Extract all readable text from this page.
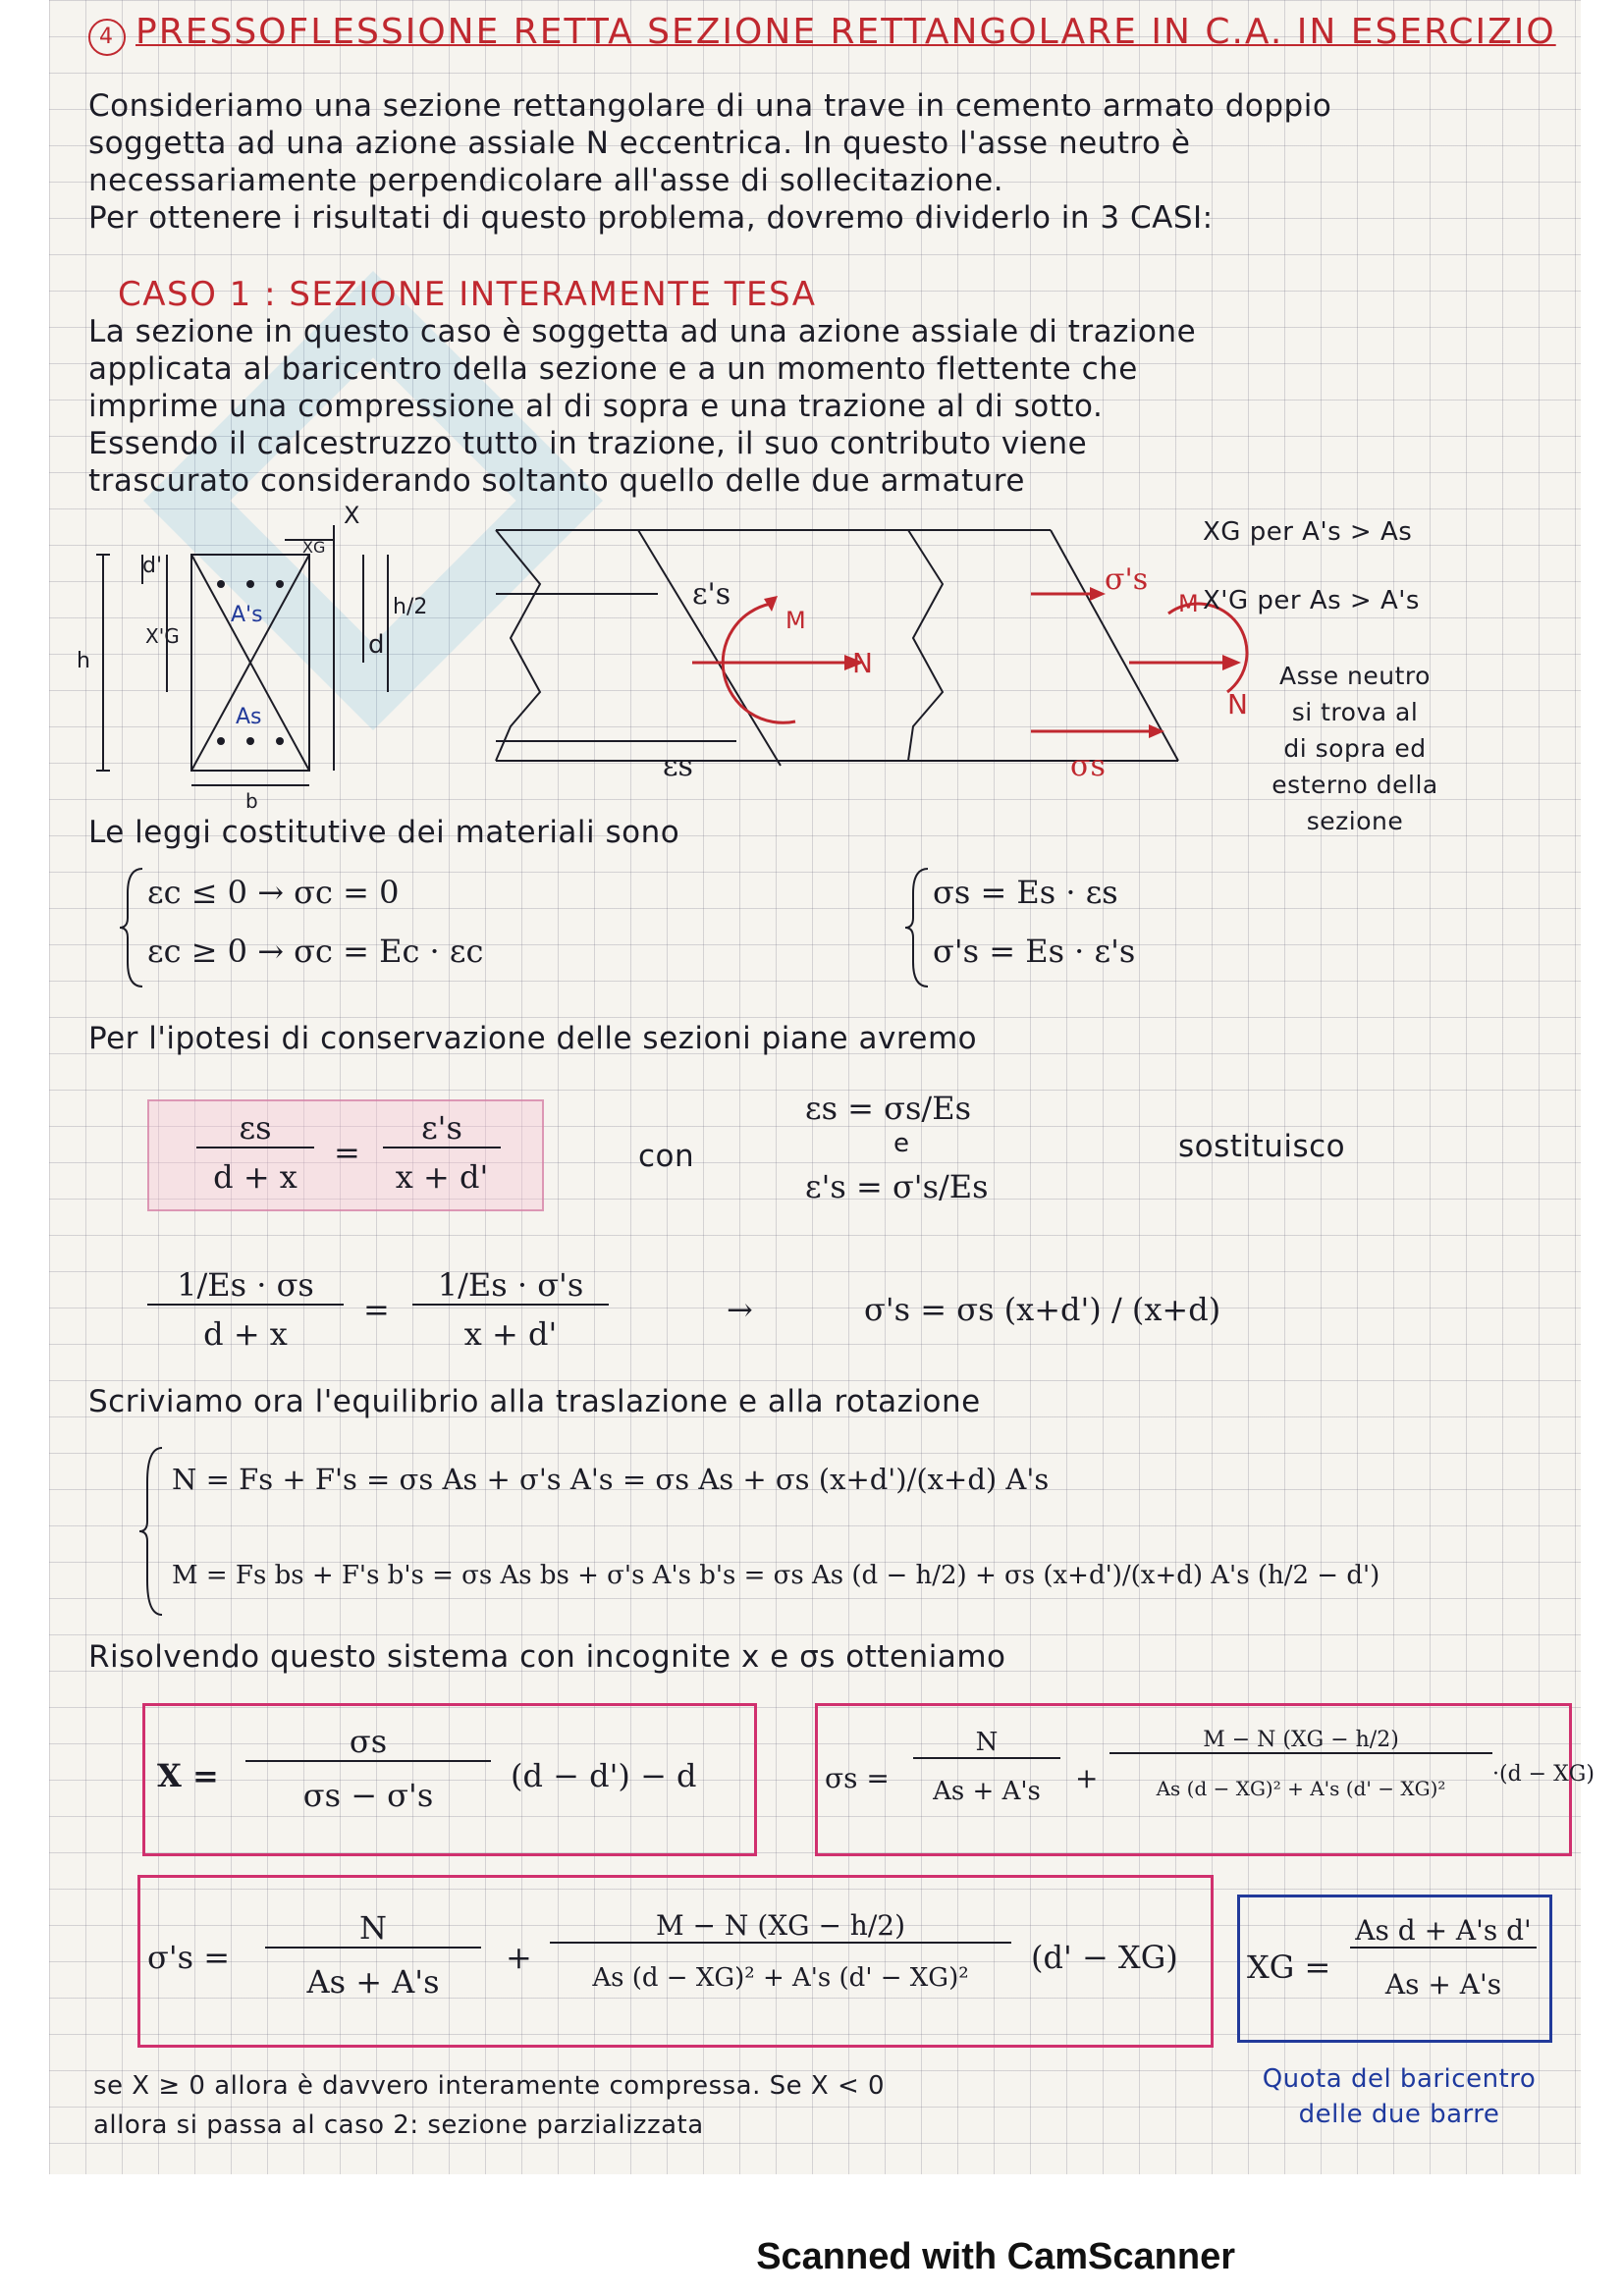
4 PRESSOFLESSIONE RETTA SEZIONE RETTANGOLARE IN C.A. IN ESERCIZIO
Consideriamo una sezione rettangolare di una trave in cemento armato doppio
soggetta ad una azione assiale N eccentrica. In questo l'asse neutro è
necessariamente perpendicolare all'asse di sollecitazione.
Per ottenere i risultati di questo problema, dovremo dividerlo in 3 CASI:
CASO 1 : SEZIONE INTERAMENTE TESA
La sezione in questo caso è soggetta ad una azione assiale di trazione
applicata al baricentro della sezione e a un momento flettente che
imprime una compressione al di sopra e una trazione al di sotto.
Essendo il calcestruzzo tutto in trazione, il suo contributo viene
trascurato considerando soltanto quello delle due armature
d'
X'G
h
b
X
XG
h/2
d
A's
As
ε's
εs
M
N
σ's
σs
M
N
XG per A's > As
X'G per As > A's
Asse neutro
si trova al
di sopra ed
esterno della
sezione
Le leggi costitutive dei materiali sono
εc ≤ 0 → σc = 0
εc ≥ 0 → σc = Ec · εc
σs = Es · εs
σ's = Es · ε's
Per l'ipotesi di conservazione delle sezioni piane avremo
εs
d + x
=
ε's
x + d'
con
εs = σs/Es
e
ε's = σ's/Es
sostituisco
1/Es · σs
d + x
=
1/Es · σ's
x + d'
→	σ's = σs (x+d') / (x+d)
Scriviamo ora l'equilibrio alla traslazione e alla rotazione
N = Fs + F's = σs As + σ's A's = σs As + σs (x+d')/(x+d) A's
M = Fs bs + F's b's = σs As bs + σ's A's b's = σs As (d − h/2) + σs (x+d')/(x+d) A's (h/2 − d')
Risolvendo questo sistema con incognite x e σs otteniamo
X =
σs
σs − σ's
(d − d') − d	σs =
N
As + A's	+
M − N (XG − h/2)
As (d − XG)² + A's (d' − XG)²
·(d − XG)
σ's =
N
As + A's
+
M − N (XG − h/2)
As (d − XG)² + A's (d' − XG)²
(d' − XG) XG =
As d + A's d'
As + A's
se X ≥ 0 allora è davvero interamente compressa. Se X < 0
allora si passa al caso 2: sezione parzializzata
Quota del baricentro
delle due barre
Scanned with CamScanner
